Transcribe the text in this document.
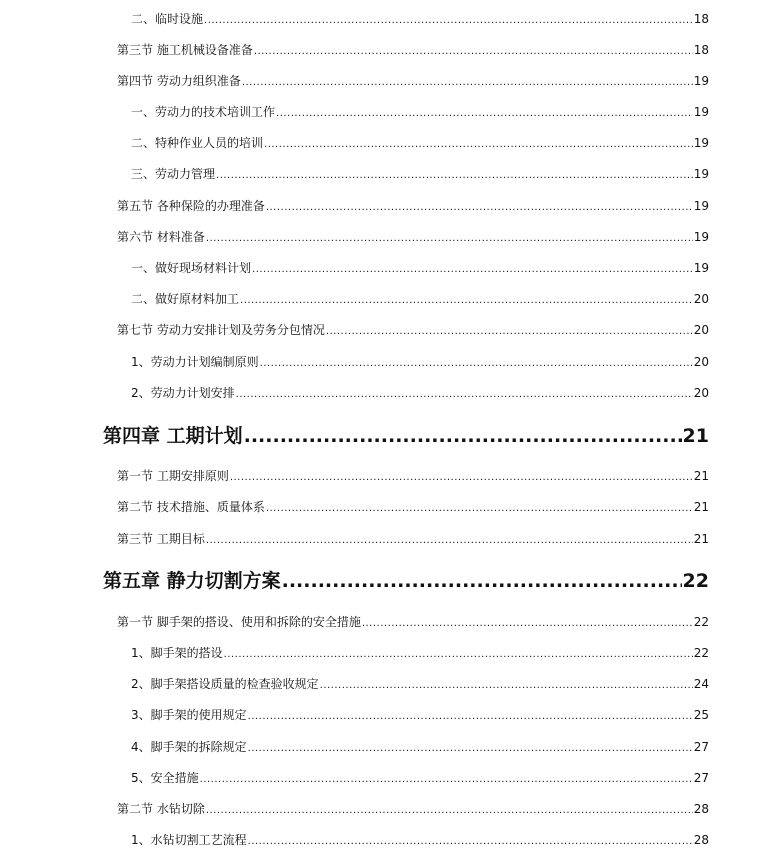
二、临时设施 .....	18
第三节 施工机械设备准备 .....	18
第四节 劳动力组织准备 .....	19
一、劳动力的技术培训工作 .....	19
二、特种作业人员的培训 .....	19
三、劳动力管理 .....	19
第五节 各种保险的办理准备 .....	19
第六节 材料准备 .....	19
一、做好现场材料计划 .....	19
二、做好原材料加工 .....	20
第七节 劳动力安排计划及劳务分包情况 .....	20
1、劳动力计划编制原则 .....	20
2、劳动力计划安排 .....	20
第四章 工期计划 .....	21
第一节 工期安排原则 .....	21
第二节 技术措施、质量体系 .....	21
第三节 工期目标 .....	21
第五章 静力切割方案 .....	22
第一节 脚手架的搭设、使用和拆除的安全措施 .....	22
1、脚手架的搭设 .....	22
2、脚手架搭设质量的检查验收规定 .....	24
3、脚手架的使用规定 .....	25
4、脚手架的拆除规定 .....	27
5、安全措施 .....	27
第二节 水钻切除 .....	28
1、水钻切割工艺流程 .....	28
